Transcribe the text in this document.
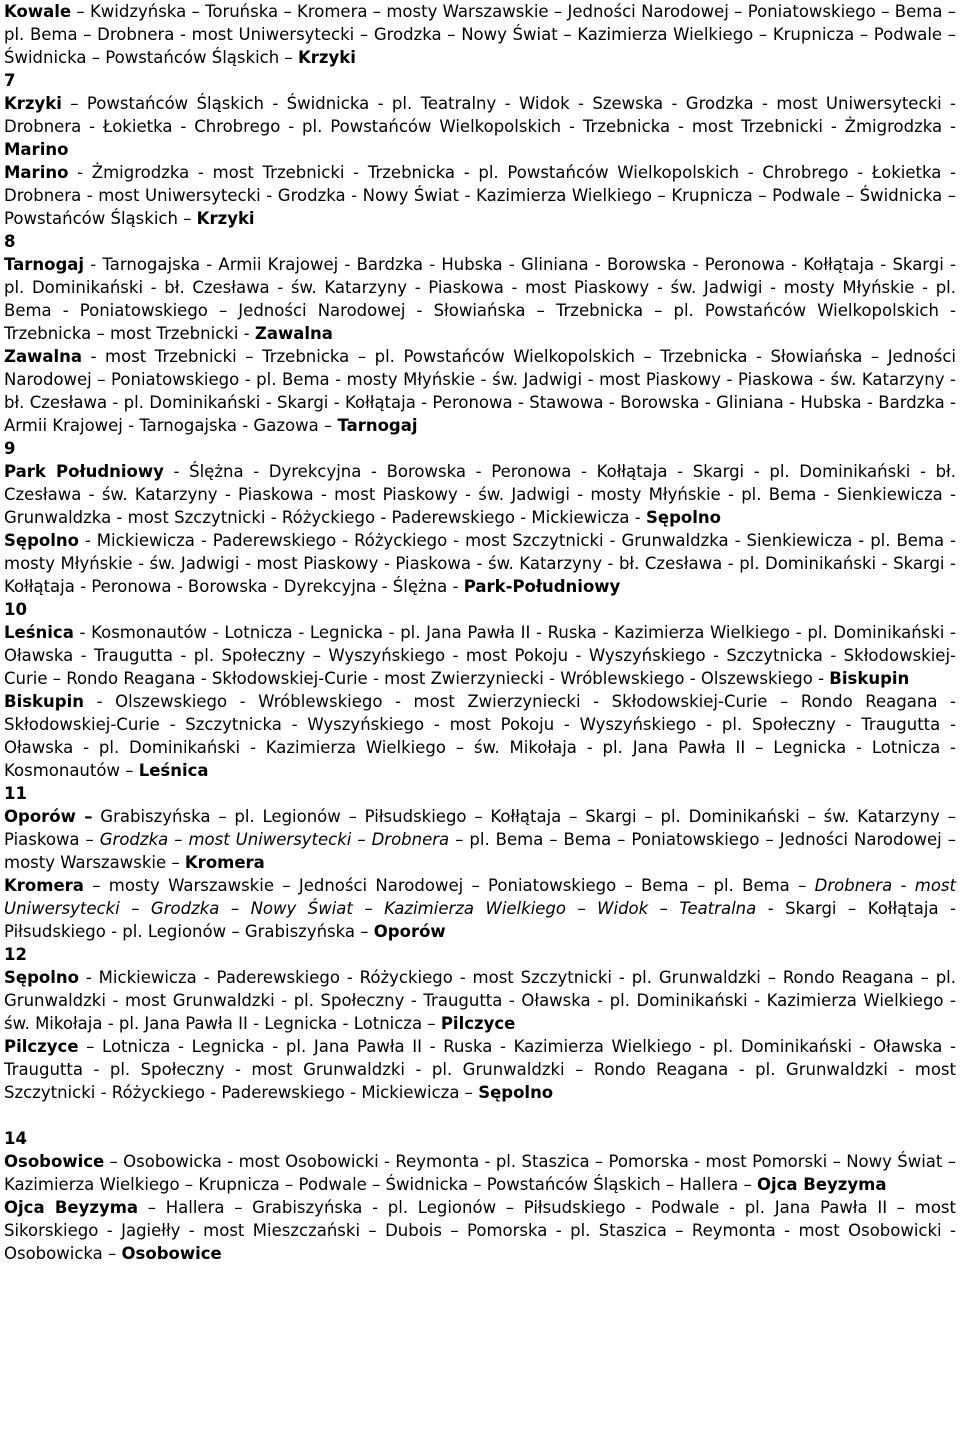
Kowale – Kwidzyńska – Toruńska – Kromera – mosty Warszawskie – Jedności Narodowej – Poniatowskiego – Bema – pl. Bema – Drobnera - most Uniwersytecki – Grodzka – Nowy Świat – Kazimierza Wielkiego – Krupnicza – Podwale – Świdnicka – Powstańców Śląskich – Krzyki

7

Krzyki – Powstańców Śląskich - Świdnicka - pl. Teatralny - Widok - Szewska - Grodzka - most Uniwersytecki - Drobnera - Łokietka - Chrobrego - pl. Powstańców Wielkopolskich - Trzebnicka - most Trzebnicki - Żmigrodzka - Marino

Marino - Żmigrodzka - most Trzebnicki - Trzebnicka - pl. Powstańców Wielkopolskich - Chrobrego - Łokietka - Drobnera - most Uniwersytecki - Grodzka - Nowy Świat - Kazimierza Wielkiego – Krupnicza – Podwale – Świdnicka – Powstańców Śląskich – Krzyki

8

Tarnogaj - Tarnogajska - Armii Krajowej - Bardzka - Hubska - Gliniana - Borowska - Peronowa - Kołłątaja - Skargi - pl. Dominikański - bł. Czesława - św. Katarzyny - Piaskowa - most Piaskowy - św. Jadwigi - mosty Młyńskie - pl. Bema - Poniatowskiego – Jedności Narodowej - Słowiańska – Trzebnicka – pl. Powstańców Wielkopolskich - Trzebnicka – most Trzebnicki - Zawalna

Zawalna - most Trzebnicki – Trzebnicka – pl. Powstańców Wielkopolskich – Trzebnicka - Słowiańska – Jedności Narodowej – Poniatowskiego - pl. Bema - mosty Młyńskie - św. Jadwigi - most Piaskowy - Piaskowa - św. Katarzyny - bł. Czesława - pl. Dominikański - Skargi - Kołłątaja - Peronowa - Stawowa - Borowska - Gliniana - Hubska - Bardzka - Armii Krajowej - Tarnogajska - Gazowa – Tarnogaj

9

Park Południowy - Ślężna - Dyrekcyjna - Borowska - Peronowa - Kołłątaja - Skargi - pl. Dominikański - bł. Czesława - św. Katarzyny - Piaskowa - most Piaskowy - św. Jadwigi - mosty Młyńskie - pl. Bema - Sienkiewicza - Grunwaldzka - most Szczytnicki - Różyckiego - Paderewskiego - Mickiewicza - Sępolno

Sępolno - Mickiewicza - Paderewskiego - Różyckiego - most Szczytnicki - Grunwaldzka - Sienkiewicza - pl. Bema - mosty Młyńskie - św. Jadwigi - most Piaskowy - Piaskowa - św. Katarzyny - bł. Czesława - pl. Dominikański - Skargi - Kołłątaja - Peronowa - Borowska - Dyrekcyjna - Ślężna - Park-Południowy

10

Leśnica - Kosmonautów - Lotnicza - Legnicka - pl. Jana Pawła II - Ruska - Kazimierza Wielkiego - pl. Dominikański - Oławska - Traugutta - pl. Społeczny – Wyszyńskiego - most Pokoju - Wyszyńskiego - Szczytnicka - Skłodowskiej-Curie – Rondo Reagana - Skłodowskiej-Curie - most Zwierzyniecki - Wróblewskiego - Olszewskiego - Biskupin

Biskupin - Olszewskiego - Wróblewskiego - most Zwierzyniecki - Skłodowskiej-Curie – Rondo Reagana - Skłodowskiej-Curie - Szczytnicka - Wyszyńskiego - most Pokoju - Wyszyńskiego - pl. Społeczny - Traugutta - Oławska - pl. Dominikański - Kazimierza Wielkiego – św. Mikołaja - pl. Jana Pawła II – Legnicka - Lotnicza - Kosmonautów – Leśnica

11

Oporów – Grabiszyńska – pl. Legionów – Piłsudskiego – Kołłątaja – Skargi – pl. Dominikański – św. Katarzyny – Piaskowa – Grodzka – most Uniwersytecki – Drobnera – pl. Bema – Bema – Poniatowskiego – Jedności Narodowej – mosty Warszawskie – Kromera

Kromera – mosty Warszawskie – Jedności Narodowej – Poniatowskiego – Bema – pl. Bema – Drobnera - most Uniwersytecki – Grodzka – Nowy Świat – Kazimierza Wielkiego – Widok – Teatralna - Skargi – Kołłątaja - Piłsudskiego - pl. Legionów – Grabiszyńska – Oporów

12

Sępolno - Mickiewicza - Paderewskiego - Różyckiego - most Szczytnicki - pl. Grunwaldzki – Rondo Reagana – pl. Grunwaldzki - most Grunwaldzki - pl. Społeczny - Traugutta - Oławska - pl. Dominikański - Kazimierza Wielkiego - św. Mikołaja - pl. Jana Pawła II - Legnicka - Lotnicza – Pilczyce

Pilczyce – Lotnicza - Legnicka - pl. Jana Pawła II - Ruska - Kazimierza Wielkiego - pl. Dominikański - Oławska - Traugutta - pl. Społeczny - most Grunwaldzki - pl. Grunwaldzki – Rondo Reagana - pl. Grunwaldzki - most Szczytnicki - Różyckiego - Paderewskiego - Mickiewicza – Sępolno

14

Osobowice – Osobowicka - most Osobowicki - Reymonta - pl. Staszica – Pomorska - most Pomorski – Nowy Świat – Kazimierza Wielkiego – Krupnicza – Podwale – Świdnicka – Powstańców Śląskich – Hallera – Ojca Beyzyma

Ojca Beyzyma – Hallera – Grabiszyńska - pl. Legionów – Piłsudskiego - Podwale - pl. Jana Pawła II – most Sikorskiego - Jagiełły - most Mieszczański – Dubois – Pomorska - pl. Staszica – Reymonta - most Osobowicki - Osobowicka – Osobowice
